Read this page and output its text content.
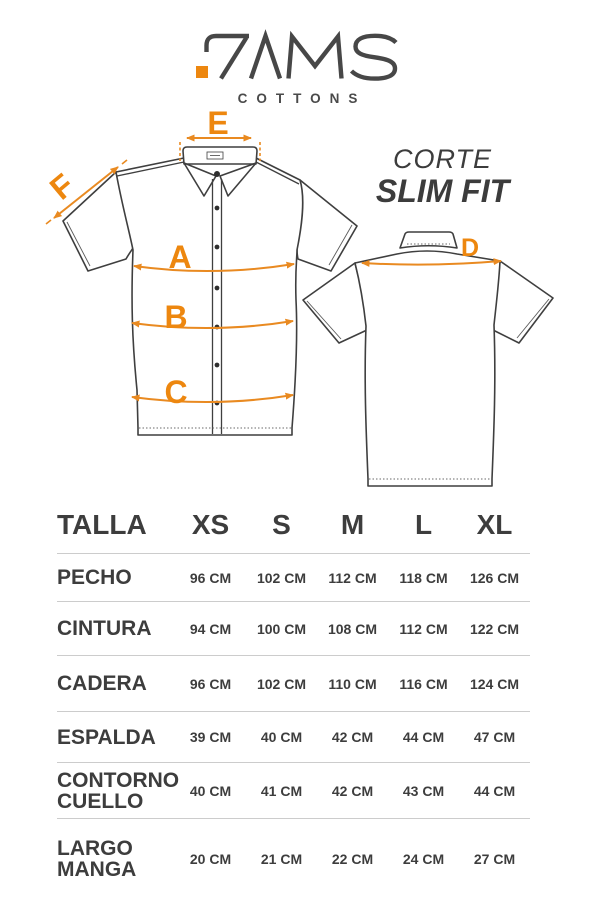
COTTONS
CORTE
SLIM FIT
A
B
C
E
F
D
TALLA	XS	S	M	L	XL
PECHO	96 CM	102 CM	112 CM	118 CM	126 CM
CINTURA	94 CM	100 CM	108 CM	112 CM	122 CM
CADERA	96 CM	102 CM	110 CM	116 CM	124 CM
ESPALDA	39 CM	40 CM	42 CM	44 CM	47 CM
CONTORNO CUELLO	40 CM	41 CM	42 CM	43 CM	44 CM
LARGO MANGA	20 CM	21 CM	22 CM	24 CM	27 CM
